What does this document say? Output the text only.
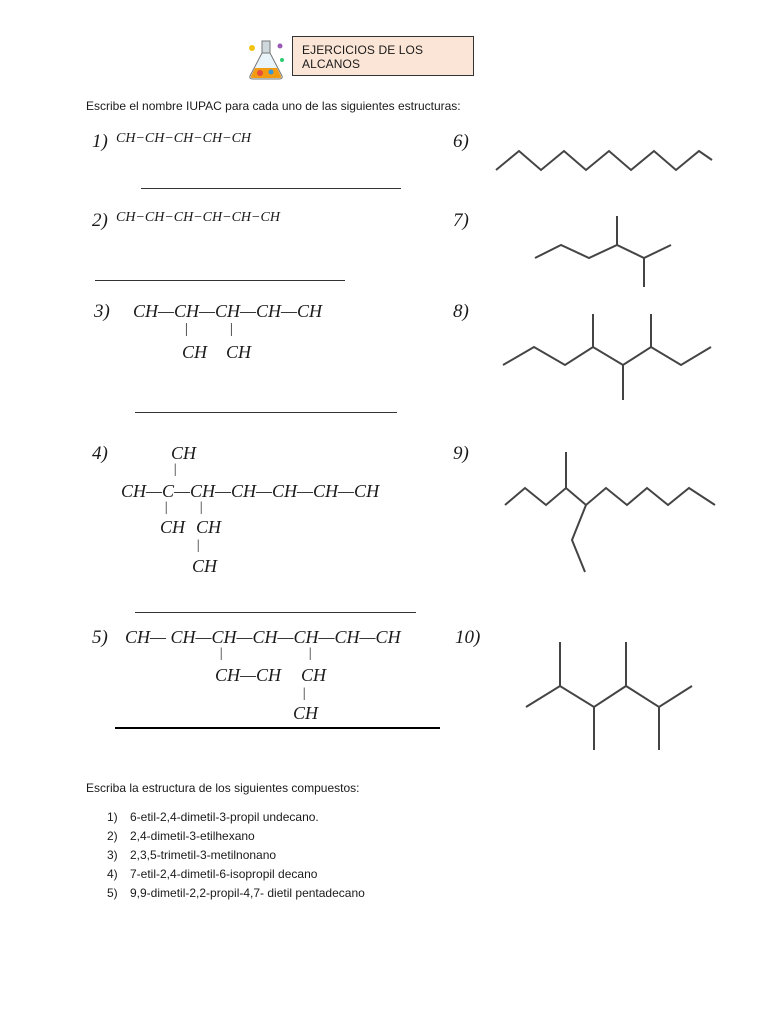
EJERCICIOS DE LOS ALCANOS
Escribe el nombre IUPAC para cada uno de las siguientes estructuras:
1) CH−CH−CH−CH−CH
2) CH−CH−CH−CH−CH−CH
3) CH—CH—CH—CH—CH
|	|
CH CH
4)	CH
|
CH—C—CH—CH—CH—CH—CH
| |
CH CH
|
CH
5) CH— CH—CH—CH—CH—CH—CH
|	|
CH—CH CH
|
CH
6)
7)
8)
9)
10)
Escriba la estructura de los siguientes compuestos:
1) 6-etil-2,4-dimetil-3-propil undecano.
2) 2,4-dimetil-3-etilhexano
3) 2,3,5-trimetil-3-metilnonano
4) 7-etil-2,4-dimetil-6-isopropil decano
5) 9,9-dimetil-2,2-propil-4,7- dietil pentadecano
